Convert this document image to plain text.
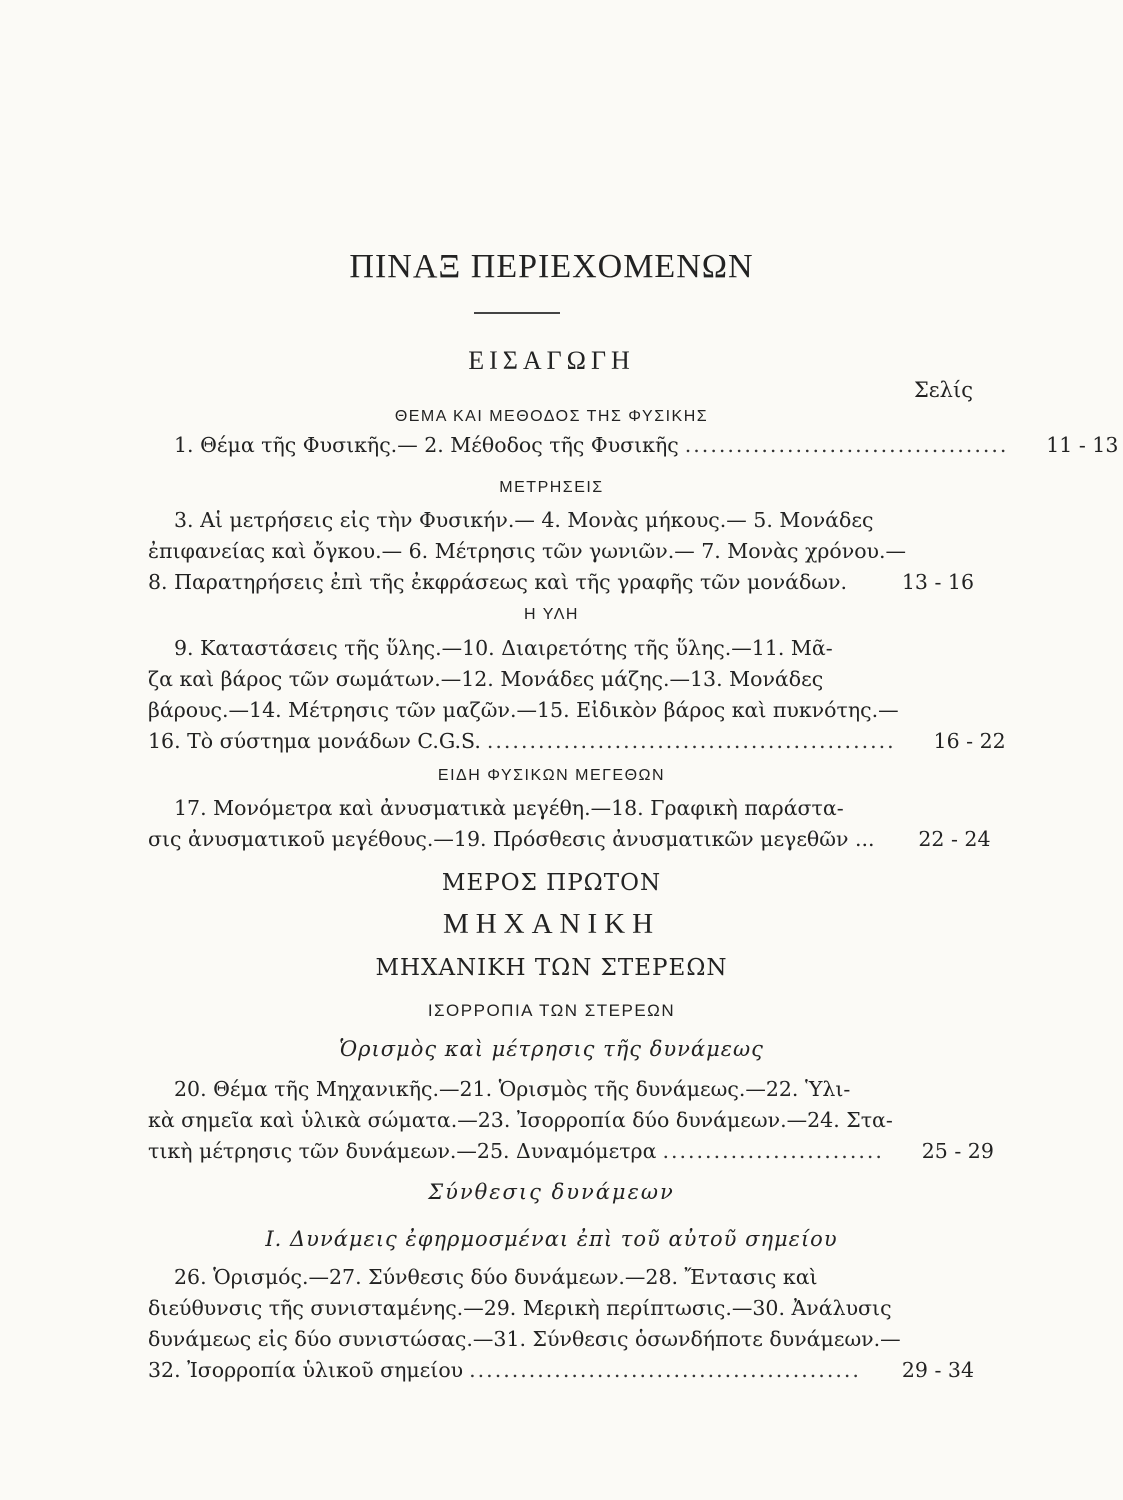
ΠΙΝΑΞ ΠΕΡΙΕΧΟΜΕΝΩΝ
ΕΙΣΑΓΩΓΗ
Σελίς
ΘΕΜΑ ΚΑΙ ΜΕΘΟΔΟΣ ΤΗΣ ΦΥΣΙΚΗΣ
1. Θέμα τῆς Φυσικῆς.— 2. Μέθοδος τῆς Φυσικῆς ......................................	11 - 13
ΜΕΤΡΗΣΕΙΣ
3. Αἱ μετρήσεις εἰς τὴν Φυσικήν.— 4. Μονὰς μήκους.— 5. Μονάδες
ἐπιφανείας καὶ ὄγκου.— 6. Μέτρησις τῶν γωνιῶν.— 7. Μονὰς χρόνου.—
8. Παρατηρήσεις ἐπὶ τῆς ἐκφράσεως καὶ τῆς γραφῆς τῶν μονάδων.	13 - 16
Η ΥΛΗ
9. Καταστάσεις τῆς ὕλης.—10. Διαιρετότης τῆς ὕλης.—11. Μᾶ-
ζα καὶ βάρος τῶν σωμάτων.—12. Μονάδες μάζης.—13. Μονάδες
βάρους.—14. Μέτρησις τῶν μαζῶν.—15. Εἰδικὸν βάρος καὶ πυκνότης.—
16. Τὸ σύστημα μονάδων C.G.S. ................................................	16 - 22
ΕΙΔΗ ΦΥΣΙΚΩΝ ΜΕΓΕΘΩΝ
17. Μονόμετρα καὶ ἀνυσματικὰ μεγέθη.—18. Γραφικὴ παράστα-
σις ἀνυσματικοῦ μεγέθους.—19. Πρόσθεσις ἀνυσματικῶν μεγεθῶν ...	22 - 24
ΜΕΡΟΣ ΠΡΩΤΟΝ
ΜΗΧΑΝΙΚΗ
ΜΗΧΑΝΙΚΗ ΤΩΝ ΣΤΕΡΕΩΝ
ΙΣΟΡΡΟΠΙΑ ΤΩΝ ΣΤΕΡΕΩΝ
Ὁρισμὸς καὶ μέτρησις τῆς δυνάμεως
20. Θέμα τῆς Μηχανικῆς.—21. Ὁρισμὸς τῆς δυνάμεως.—22. Ὑλι-
κὰ σημεῖα καὶ ὑλικὰ σώματα.—23. Ἰσορροπία δύο δυνάμεων.—24. Στα-
τικὴ μέτρησις τῶν δυνάμεων.—25. Δυναμόμετρα ..........................	25 - 29
Σύνθεσις δυνάμεων
Ι. Δυνάμεις ἐφηρμοσμέναι ἐπὶ τοῦ αὐτοῦ σημείου
26. Ὁρισμός.—27. Σύνθεσις δύο δυνάμεων.—28. Ἔντασις καὶ
διεύθυνσις τῆς συνισταμένης.—29. Μερικὴ περίπτωσις.—30. Ἀνάλυσις
δυνάμεως εἰς δύο συνιστώσας.—31. Σύνθεσις ὁσωνδήποτε δυνάμεων.—
32. Ἰσορροπία ὑλικοῦ σημείου ..............................................	29 - 34
